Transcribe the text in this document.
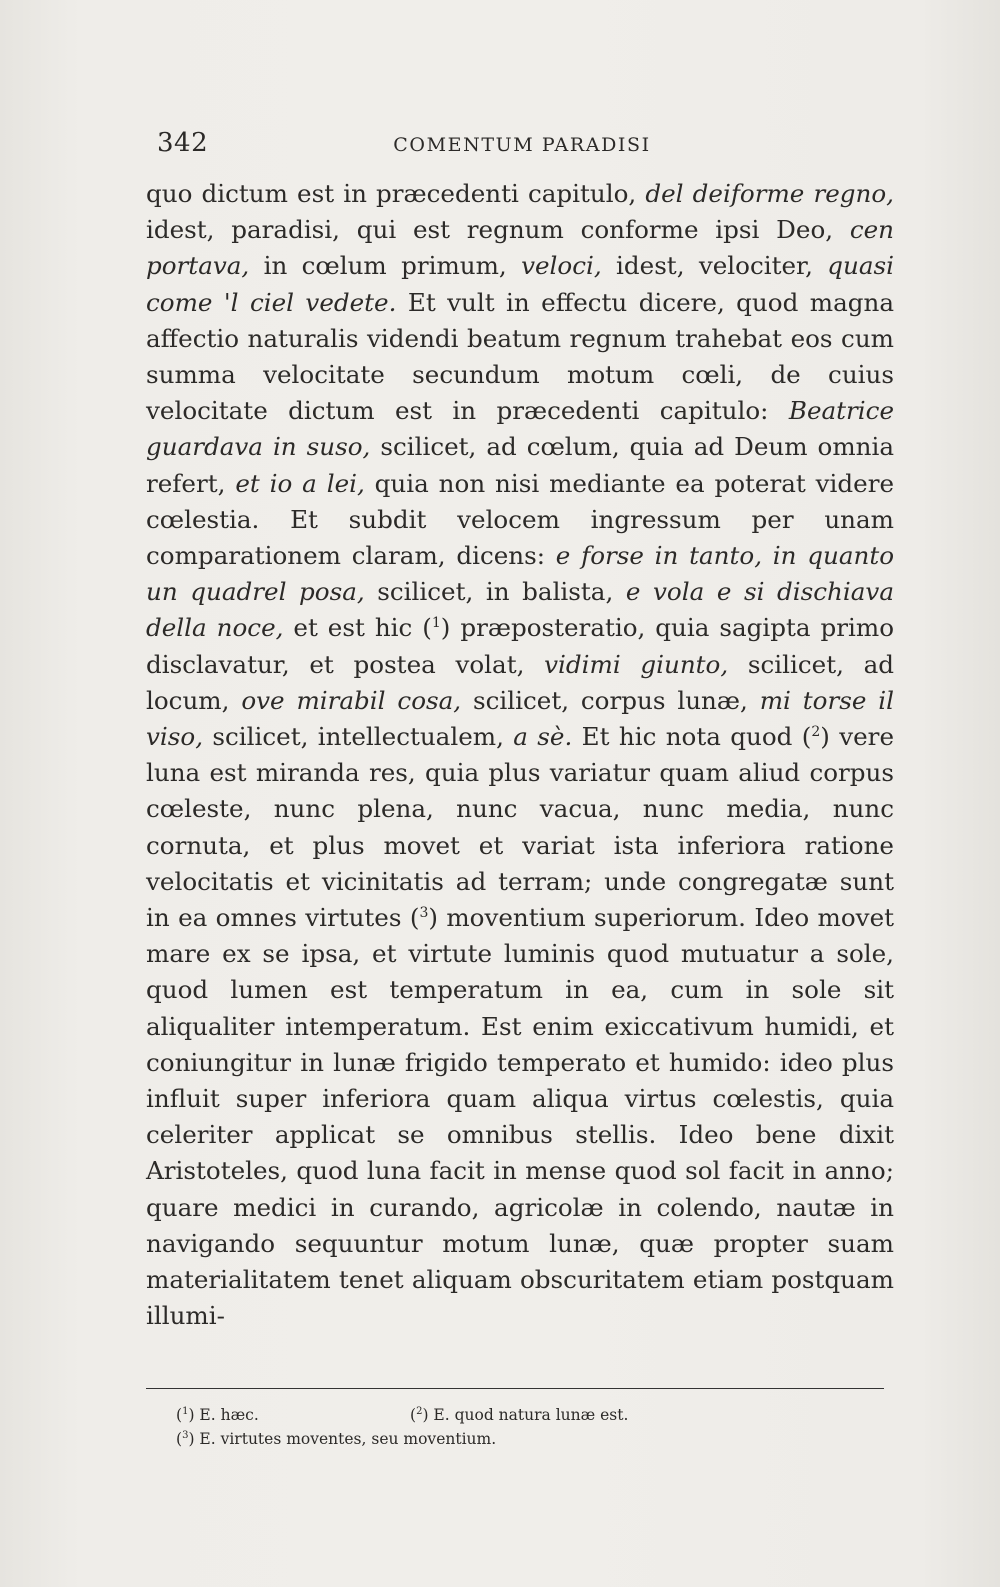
342	COMENTUM PARADISI

quo dictum est in præcedenti capitulo, del deiforme regno, idest, paradisi, qui est regnum conforme ipsi Deo, cen portava, in cœlum primum, veloci, idest, velociter, quasi come 'l ciel vedete. Et vult in effectu dicere, quod magna affectio naturalis videndi beatum regnum trahebat eos cum summa velocitate secundum motum cœli, de cuius velocitate dictum est in præcedenti capitulo: Beatrice guardava in suso, scilicet, ad cœlum, quia ad Deum omnia refert, et io a lei, quia non nisi mediante ea poterat videre cœlestia. Et subdit velocem ingressum per unam comparationem claram, dicens: e forse in tanto, in quanto un quadrel posa, scilicet, in balista, e vola e si dischiava della noce, et est hic ($^1$) præposteratio, quia sagipta primo disclavatur, et postea volat, vidimi giunto, scilicet, ad locum, ove mirabil cosa, scilicet, corpus lunæ, mi torse il viso, scilicet, intellectualem, a sè. Et hic nota quod ($^2$) vere luna est miranda res, quia plus variatur quam aliud corpus cœleste, nunc plena, nunc vacua, nunc media, nunc cornuta, et plus movet et variat ista inferiora ratione velocitatis et vicinitatis ad terram; unde congregatæ sunt in ea omnes virtutes ($^3$) moventium superiorum. Ideo movet mare ex se ipsa, et virtute luminis quod mutuatur a sole, quod lumen est temperatum in ea, cum in sole sit aliqualiter intemperatum. Est enim exiccativum humidi, et coniungitur in lunæ frigido temperato et humido: ideo plus influit super inferiora quam aliqua virtus cœlestis, quia celeriter applicat se omnibus stellis. Ideo bene dixit Aristoteles, quod luna facit in mense quod sol facit in anno; quare medici in curando, agricolæ in colendo, nautæ in navigando sequuntur motum lunæ, quæ propter suam materialitatem tenet aliquam obscuritatem etiam postquam illumi-

($^1$) E. hæc.	($^2$) E. quod natura lunæ est.
($^3$) E. virtutes moventes, seu moventium.
